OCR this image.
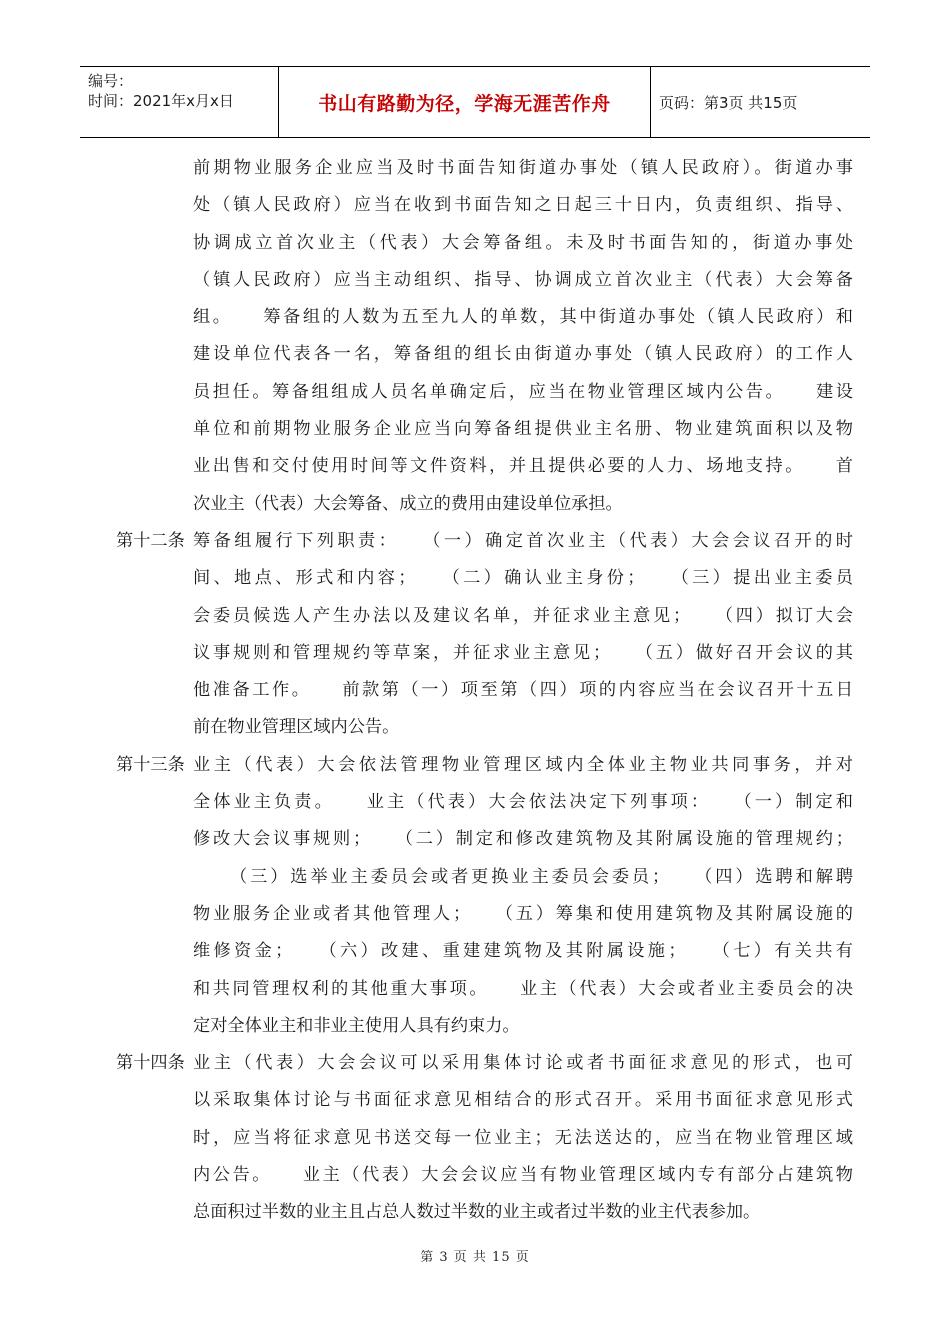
编号：
时间：2021年x月x日	书山有路勤为径，学海无涯苦作舟	页码：第3页 共15页
前期物业服务企业应当及时书面告知街道办事处（镇人民政府）。街道办事
处（镇人民政府）应当在收到书面告知之日起三十日内，负责组织、指导、
协调成立首次业主（代表）大会筹备组。未及时书面告知的，街道办事处
（镇人民政府）应当主动组织、指导、协调成立首次业主（代表）大会筹备
组。　　筹备组的人数为五至九人的单数，其中街道办事处（镇人民政府）和
建设单位代表各一名，筹备组的组长由街道办事处（镇人民政府）的工作人
员担任。筹备组组成人员名单确定后，应当在物业管理区域内公告。　　建设
单位和前期物业服务企业应当向筹备组提供业主名册、物业建筑面积以及物
业出售和交付使用时间等文件资料，并且提供必要的人力、场地支持。　　首
次业主（代表）大会筹备、成立的费用由建设单位承担。
第十二条 筹备组履行下列职责：　　（一）确定首次业主（代表）大会会议召开的时
间、地点、形式和内容；　　（二）确认业主身份；　　（三）提出业主委员
会委员候选人产生办法以及建议名单，并征求业主意见；　　（四）拟订大会
议事规则和管理规约等草案，并征求业主意见；　　（五）做好召开会议的其
他准备工作。　　前款第（一）项至第（四）项的内容应当在会议召开十五日
前在物业管理区域内公告。
第十三条 业主（代表）大会依法管理物业管理区域内全体业主物业共同事务，并对
全体业主负责。　　业主（代表）大会依法决定下列事项：　　（一）制定和
修改大会议事规则；　　（二）制定和修改建筑物及其附属设施的管理规约；
（三）选举业主委员会或者更换业主委员会委员；　　（四）选聘和解聘
物业服务企业或者其他管理人；　　（五）筹集和使用建筑物及其附属设施的
维修资金；　　（六）改建、重建建筑物及其附属设施；　　（七）有关共有
和共同管理权利的其他重大事项。　　业主（代表）大会或者业主委员会的决
定对全体业主和非业主使用人具有约束力。
第十四条 业主（代表）大会会议可以采用集体讨论或者书面征求意见的形式，也可
以采取集体讨论与书面征求意见相结合的形式召开。采用书面征求意见形式
时，应当将征求意见书送交每一位业主；无法送达的，应当在物业管理区域
内公告。　　业主（代表）大会会议应当有物业管理区域内专有部分占建筑物
总面积过半数的业主且占总人数过半数的业主或者过半数的业主代表参加。
第 3 页 共 15 页
